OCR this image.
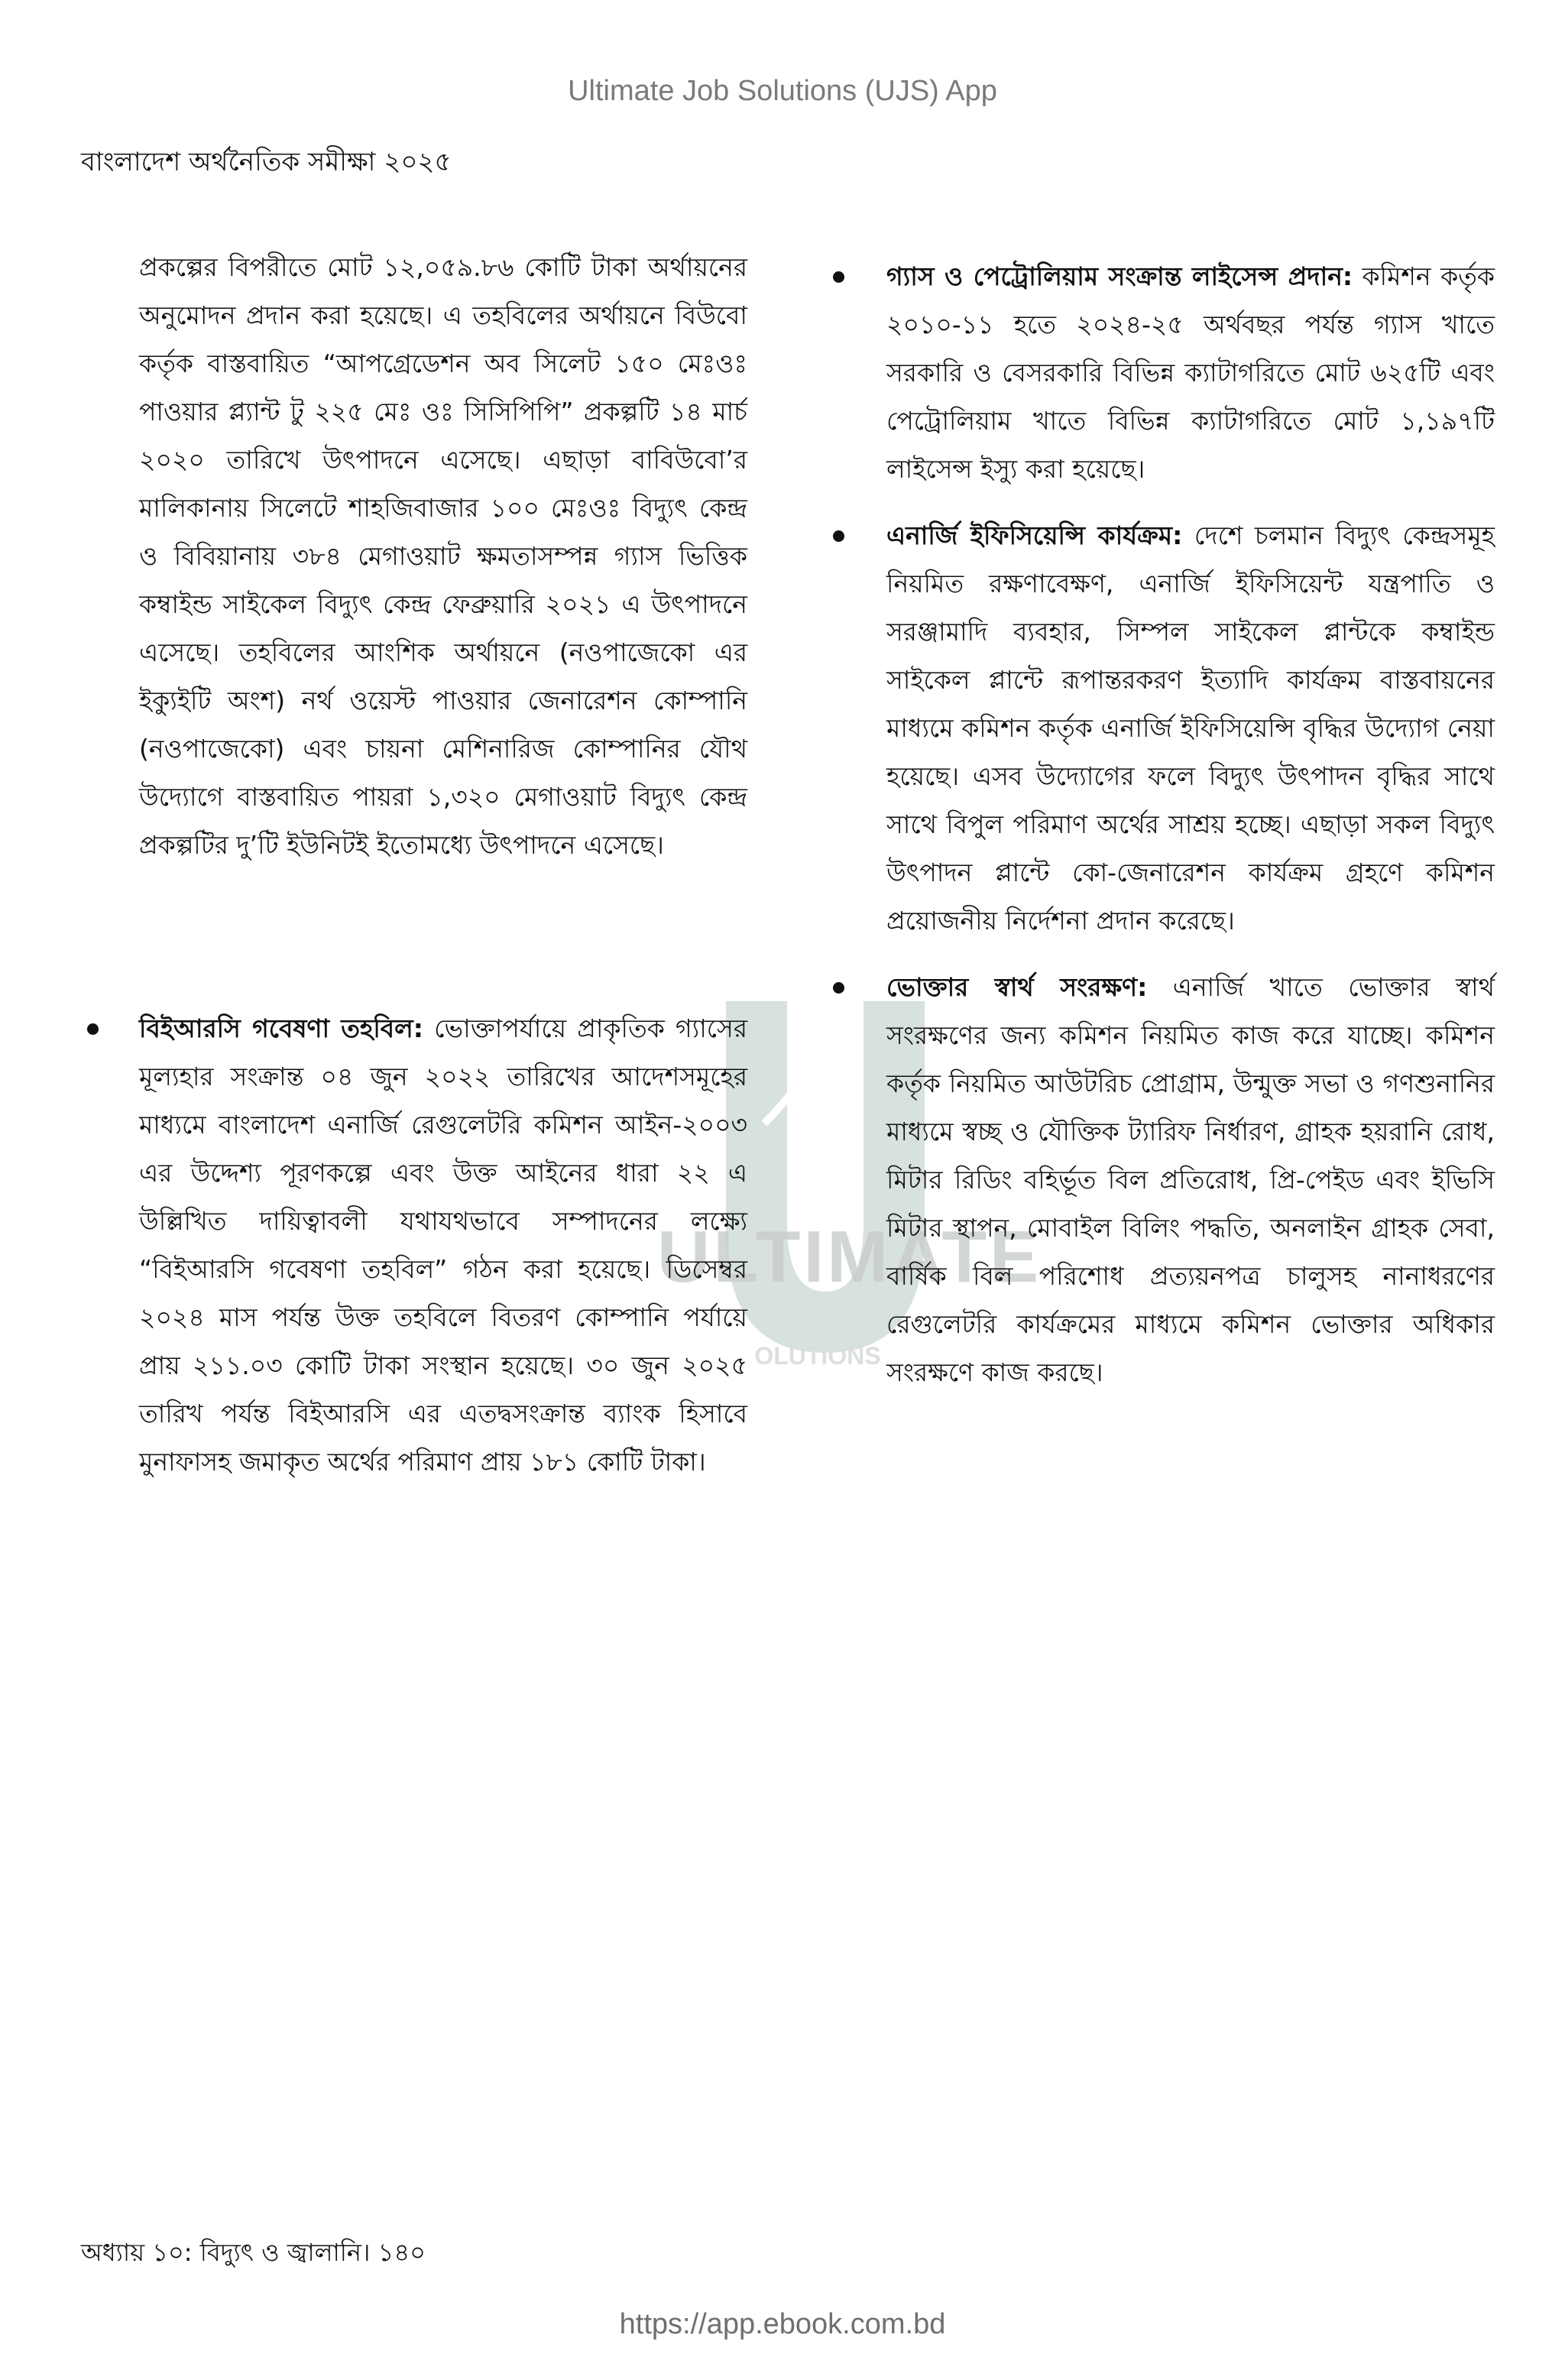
Ultimate Job Solutions (UJS) App
বাংলাদেশ অর্থনৈতিক সমীক্ষা ২০২৫
ULTIMATE
OLUTIONS

প্রকল্পের বিপরীতে মোট ১২,০৫৯.৮৬ কোটি টাকা অর্থায়নের অনুমোদন প্রদান করা হয়েছে। এ তহবিলের অর্থায়নে বিউবো কর্তৃক বাস্তবায়িত “আপগ্রেডেশন অব সিলেট ১৫০ মেঃওঃ পাওয়ার প্ল্যান্ট টু ২২৫ মেঃ ওঃ সিসিপিপি” প্রকল্পটি ১৪ মার্চ ২০২০ তারিখে উৎপাদনে এসেছে। এছাড়া বাবিউবো’র মালিকানায় সিলেটে শাহজিবাজার ১০০ মেঃওঃ বিদ্যুৎ কেন্দ্র ও বিবিয়ানায় ৩৮৪ মেগাওয়াট ক্ষমতাসম্পন্ন গ্যাস ভিত্তিক কম্বাইন্ড সাইকেল বিদ্যুৎ কেন্দ্র ফেব্রুয়ারি ২০২১ এ উৎপাদনে এসেছে। তহবিলের আংশিক অর্থায়নে (নওপাজেকো এর ইক্যুইটি অংশ) নর্থ ওয়েস্ট পাওয়ার জেনারেশন কোম্পানি (নওপাজেকো) এবং চায়না মেশিনারিজ কোম্পানির যৌথ উদ্যোগে বাস্তবায়িত পায়রা ১,৩২০ মেগাওয়াট বিদ্যুৎ কেন্দ্র প্রকল্পটির দু’টি ইউনিটই ইতোমধ্যে উৎপাদনে এসেছে।

বিইআরসি গবেষণা তহবিল: ভোক্তাপর্যায়ে প্রাকৃতিক গ্যাসের মূল্যহার সংক্রান্ত ০৪ জুন ২০২২ তারিখের আদেশসমূহের মাধ্যমে বাংলাদেশ এনার্জি রেগুলেটরি কমিশন আইন-২০০৩ এর উদ্দেশ্য পূরণকল্পে এবং উক্ত আইনের ধারা ২২ এ উল্লিখিত দায়িত্বাবলী যথাযথভাবে সম্পাদনের লক্ষ্যে “বিইআরসি গবেষণা তহবিল” গঠন করা হয়েছে। ডিসেম্বর ২০২৪ মাস পর্যন্ত উক্ত তহবিলে বিতরণ কোম্পানি পর্যায়ে প্রায় ২১১.০৩ কোটি টাকা সংস্থান হয়েছে। ৩০ জুন ২০২৫ তারিখ পর্যন্ত বিইআরসি এর এতদ্বসংক্রান্ত ব্যাংক হিসাবে মুনাফাসহ জমাকৃত অর্থের পরিমাণ প্রায় ১৮১ কোটি টাকা।
গ্যাস ও পেট্রোলিয়াম সংক্রান্ত লাইসেন্স প্রদান: কমিশন কর্তৃক ২০১০-১১ হতে ২০২৪-২৫ অর্থবছর পর্যন্ত গ্যাস খাতে সরকারি ও বেসরকারি বিভিন্ন ক্যাটাগরিতে মোট ৬২৫টি এবং পেট্রোলিয়াম খাতে বিভিন্ন ক্যাটাগরিতে মোট ১,১৯৭টি লাইসেন্স ইস্যু করা হয়েছে।
এনার্জি ইফিসিয়েন্সি কার্যক্রম: দেশে চলমান বিদ্যুৎ কেন্দ্রসমূহ নিয়মিত রক্ষণাবেক্ষণ, এনার্জি ইফিসিয়েন্ট যন্ত্রপাতি ও সরঞ্জামাদি ব্যবহার, সিম্পল সাইকেল প্লান্টকে কম্বাইন্ড সাইকেল প্লান্টে রূপান্তরকরণ ইত্যাদি কার্যক্রম বাস্তবায়নের মাধ্যমে কমিশন কর্তৃক এনার্জি ইফিসিয়েন্সি বৃদ্ধির উদ্যোগ নেয়া হয়েছে। এসব উদ্যোগের ফলে বিদ্যুৎ উৎপাদন বৃদ্ধির সাথে সাথে বিপুল পরিমাণ অর্থের সাশ্রয় হচ্ছে। এছাড়া সকল বিদ্যুৎ উৎপাদন প্লান্টে কো-জেনারেশন কার্যক্রম গ্রহণে কমিশন প্রয়োজনীয় নির্দেশনা প্রদান করেছে।
ভোক্তার স্বার্থ সংরক্ষণ: এনার্জি খাতে ভোক্তার স্বার্থ সংরক্ষণের জন্য কমিশন নিয়মিত কাজ করে যাচ্ছে। কমিশন কর্তৃক নিয়মিত আউটরিচ প্রোগ্রাম, উন্মুক্ত সভা ও গণশুনানির মাধ্যমে স্বচ্ছ ও যৌক্তিক ট্যারিফ নির্ধারণ, গ্রাহক হয়রানি রোধ, মিটার রিডিং বহির্ভূত বিল প্রতিরোধ, প্রি-পেইড এবং ইভিসি মিটার স্থাপন, মোবাইল বিলিং পদ্ধতি, অনলাইন গ্রাহক সেবা, বার্ষিক বিল পরিশোধ প্রত্যয়নপত্র চালুসহ নানাধরণের রেগুলেটরি কার্যক্রমের মাধ্যমে কমিশন ভোক্তার অধিকার সংরক্ষণে কাজ করছে।
অধ্যায় ১০: বিদ্যুৎ ও জ্বালানি। ১৪০
https://app.ebook.com.bd
